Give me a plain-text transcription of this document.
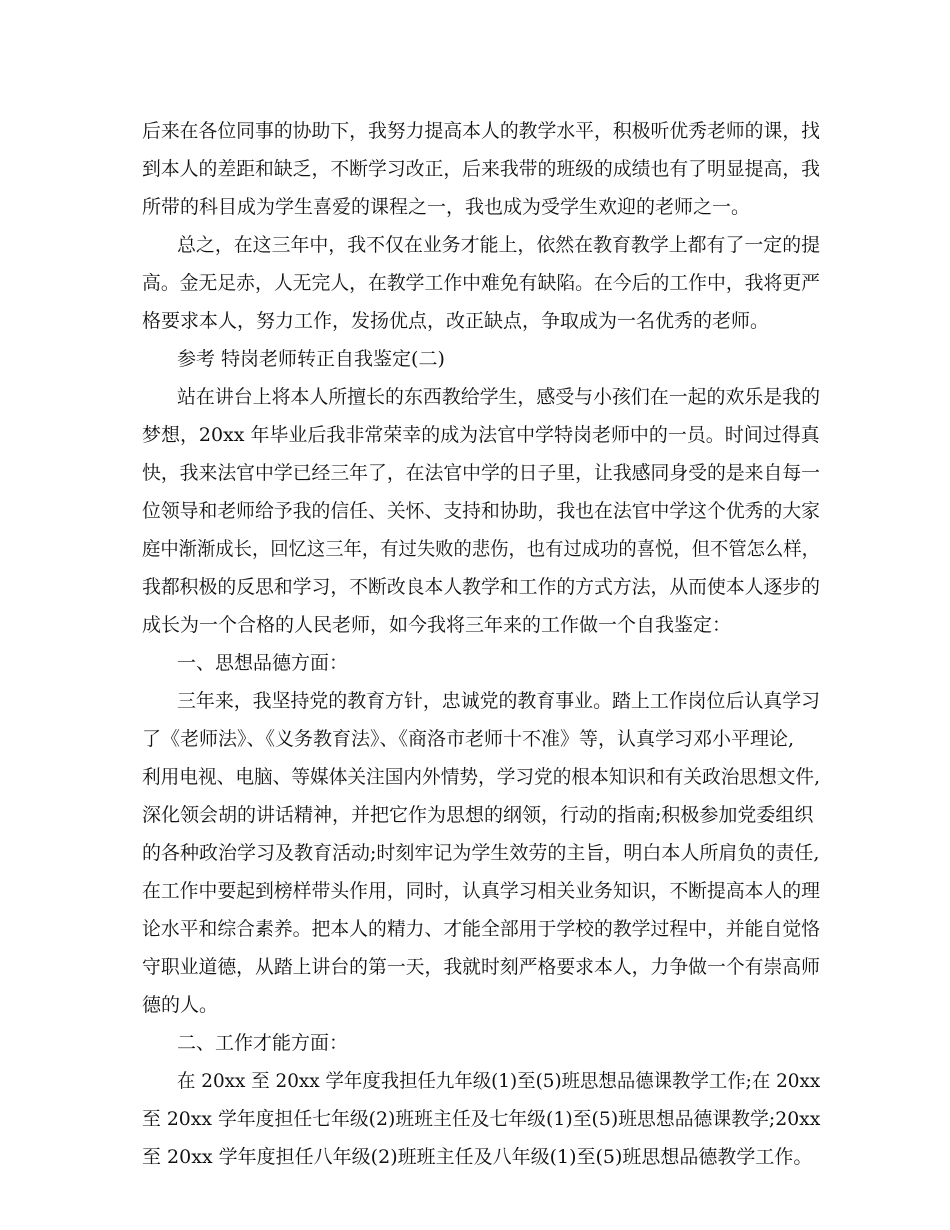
后来在各位同事的协助下，我努力提高本人的教学水平，积极听优秀老师的课，找
到本人的差距和缺乏，不断学习改正，后来我带的班级的成绩也有了明显提高，我
所带的科目成为学生喜爱的课程之一，我也成为受学生欢迎的老师之一。
总之，在这三年中，我不仅在业务才能上，依然在教育教学上都有了一定的提
高。金无足赤，人无完人，在教学工作中难免有缺陷。在今后的工作中，我将更严
格要求本人，努力工作，发扬优点，改正缺点，争取成为一名优秀的老师。
参考 特岗老师转正自我鉴定(二)
站在讲台上将本人所擅长的东西教给学生，感受与小孩们在一起的欢乐是我的
梦想，20xx 年毕业后我非常荣幸的成为法官中学特岗老师中的一员。时间过得真
快，我来法官中学已经三年了，在法官中学的日子里，让我感同身受的是来自每一
位领导和老师给予我的信任、关怀、支持和协助，我也在法官中学这个优秀的大家
庭中渐渐成长，回忆这三年，有过失败的悲伤，也有过成功的喜悦，但不管怎么样，
我都积极的反思和学习，不断改良本人教学和工作的方式方法，从而使本人逐步的
成长为一个合格的人民老师，如今我将三年来的工作做一个自我鉴定：
一、思想品德方面：
三年来，我坚持党的教育方针，忠诚党的教育事业。踏上工作岗位后认真学习
了《老师法》、《义务教育法》、《商洛市老师十不准》等，认真学习邓小平理论,
利用电视、电脑、等媒体关注国内外情势，学习党的根本知识和有关政治思想文件,
深化领会胡的讲话精神，并把它作为思想的纲领，行动的指南;积极参加党委组织
的各种政治学习及教育活动;时刻牢记为学生效劳的主旨，明白本人所肩负的责任,
在工作中要起到榜样带头作用，同时，认真学习相关业务知识，不断提高本人的理
论水平和综合素养。把本人的精力、才能全部用于学校的教学过程中，并能自觉恪
守职业道德，从踏上讲台的第一天，我就时刻严格要求本人，力争做一个有崇高师
德的人。
二、工作才能方面：
在 20xx 至 20xx 学年度我担任九年级(1)至(5)班思想品德课教学工作;在 20xx
至 20xx 学年度担任七年级(2)班班主任及七年级(1)至(5)班思想品德课教学;20xx
至 20xx 学年度担任八年级(2)班班主任及八年级(1)至(5)班思想品德教学工作。
